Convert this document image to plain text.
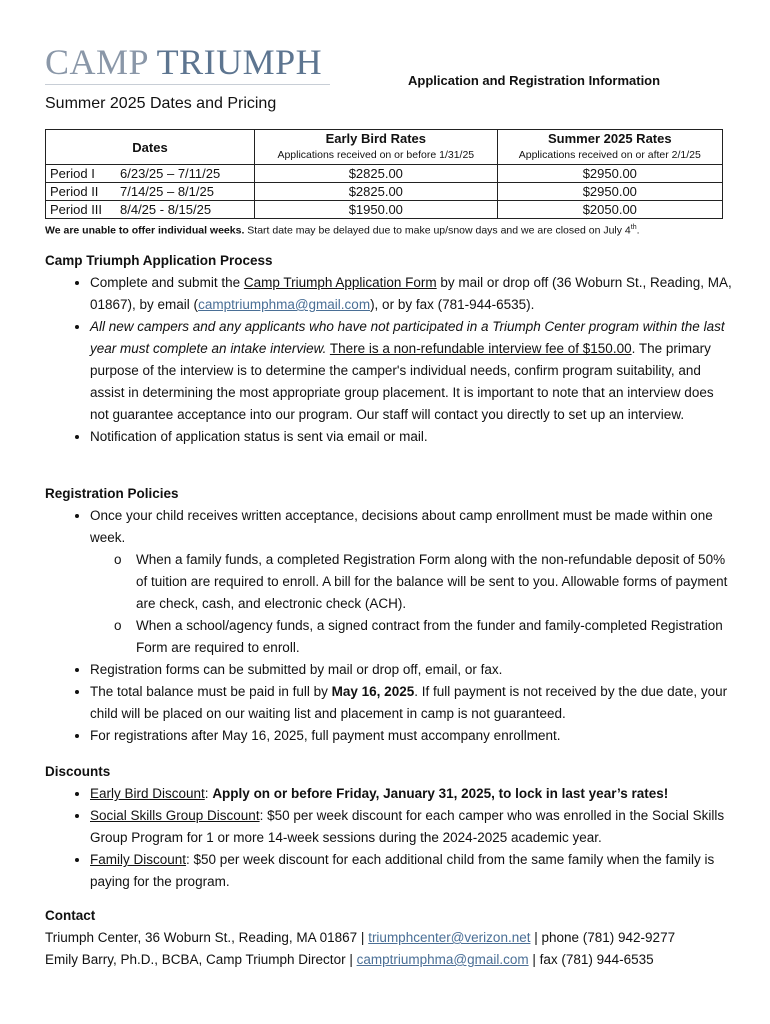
CAMP TRIUMPH	Application and Registration Information
Summer 2025 Dates and Pricing
Dates		Early Bird Rates	Summer 2025 Rates
		Applications received on or before 1/31/25	Applications received on or after 2/1/25
Period I	6/23/25 – 7/11/25	$2825.00	$2950.00
Period II	7/14/25 – 8/1/25	$2825.00	$2950.00
Period III	8/4/25 - 8/15/25	$1950.00	$2050.00
We are unable to offer individual weeks. Start date may be delayed due to make up/snow days and we are closed on July 4th.
Camp Triumph Application Process
• Complete and submit the Camp Triumph Application Form by mail or drop off (36 Woburn St., Reading, MA, 01867), by email (camptriumphma@gmail.com), or by fax (781-944-6535).
• All new campers and any applicants who have not participated in a Triumph Center program within the last year must complete an intake interview. There is a non-refundable interview fee of $150.00. The primary purpose of the interview is to determine the camper's individual needs, confirm program suitability, and assist in determining the most appropriate group placement. It is important to note that an interview does not guarantee acceptance into our program. Our staff will contact you directly to set up an interview.
• Notification of application status is sent via email or mail.
Registration Policies
• Once your child receives written acceptance, decisions about camp enrollment must be made within one week.
o When a family funds, a completed Registration Form along with the non-refundable deposit of 50% of tuition are required to enroll. A bill for the balance will be sent to you. Allowable forms of payment are check, cash, and electronic check (ACH).
o When a school/agency funds, a signed contract from the funder and family-completed Registration Form are required to enroll.
• Registration forms can be submitted by mail or drop off, email, or fax.
• The total balance must be paid in full by May 16, 2025. If full payment is not received by the due date, your child will be placed on our waiting list and placement in camp is not guaranteed.
• For registrations after May 16, 2025, full payment must accompany enrollment.
Discounts
• Early Bird Discount: Apply on or before Friday, January 31, 2025, to lock in last year’s rates!
• Social Skills Group Discount: $50 per week discount for each camper who was enrolled in the Social Skills Group Program for 1 or more 14-week sessions during the 2024-2025 academic year.
• Family Discount: $50 per week discount for each additional child from the same family when the family is paying for the program.
Contact

Triumph Center, 36 Woburn St., Reading, MA 01867 | triumphcenter@verizon.net | phone (781) 942-9277

Emily Barry, Ph.D., BCBA, Camp Triumph Director | camptriumphma@gmail.com | fax (781) 944-6535
